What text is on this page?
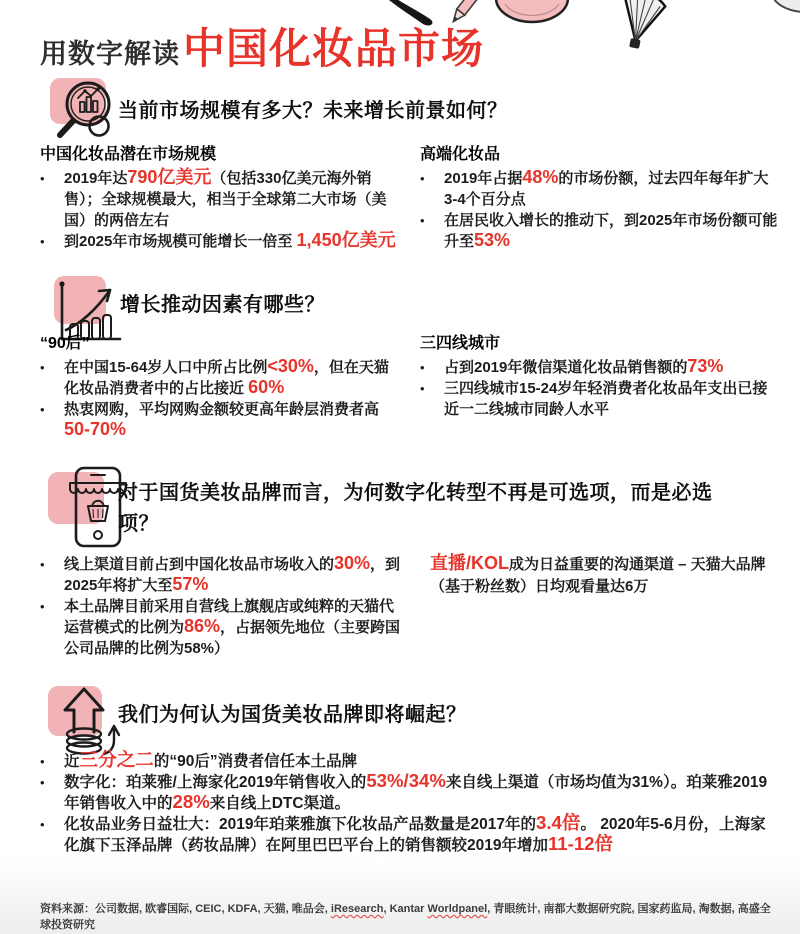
用数字解读 中国化妆品市场
当前市场规模有多大？未来增长前景如何？
中国化妆品潜在市场规模
•	2019年达790亿美元（包括330亿美元海外销售）；全球规模最大，相当于全球第二大市场（美国）的两倍左右
•	到2025年市场规模可能增长一倍至 1,450亿美元
高端化妆品
•	2019年占据48%的市场份额，过去四年每年扩大3-4个百分点
•	在居民收入增长的推动下，到2025年市场份额可能升至53%
增长推动因素有哪些？
“90后”
•	在中国15-64岁人口中所占比例<30%，但在天猫化妆品消费者中的占比接近 60%
•	热衷网购，平均网购金额较更高年龄层消费者高50-70%
三四线城市
•	占到2019年微信渠道化妆品销售额的73%
•	三四线城市15-24岁年轻消费者化妆品年支出已接近一二线城市同龄人水平
对于国货美妆品牌而言，为何数字化转型不再是可选项，而是必选项？
•	线上渠道目前占到中国化妆品市场收入的30%，到2025年将扩大至57%
•	本土品牌目前采用自营线上旗舰店或纯粹的天猫代运营模式的比例为86%，占据领先地位（主要跨国公司品牌的比例为58%）

直播/KOL成为日益重要的沟通渠道 – 天猫大品牌（基于粉丝数）日均观看量达6万

我们为何认为国货美妆品牌即将崛起？
•	近三分之二的“90后”消费者信任本土品牌
•	数字化：珀莱雅/上海家化2019年销售收入的53%/34%来自线上渠道（市场均值为31%）。珀莱雅2019年销售收入中的28%来自线上DTC渠道。
•	化妆品业务日益壮大：2019年珀莱雅旗下化妆品产品数量是2017年的3.4倍。 2020年5-6月份，上海家化旗下玉泽品牌（药妆品牌）在阿里巴巴平台上的销售额较2019年增加11-12倍

资料来源：公司数据, 欧睿国际, CEIC, KDFA, 天猫, 唯品会, iResearch, Kantar Worldpanel, 青眼统计, 南都大数据研究院, 国家药监局, 淘数据, 高盛全球投资研究
